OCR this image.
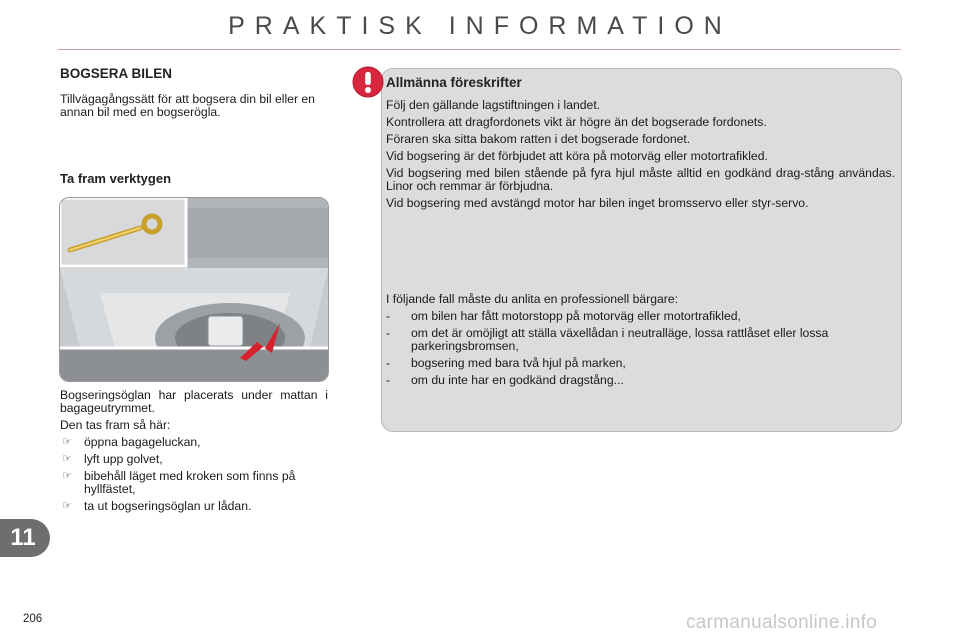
PRAKTISK INFORMATION
BOGSERA BILEN
Tillvägagångssätt för att bogsera din bil eller en annan bil med en bogserögla.
Ta fram verktygen

Bogseringsöglan har placerats under mattan i bagageutrymmet.

Den tas fram så här:

☞ öppna bagageluckan,
☞ lyft upp golvet,
☞ bibehåll läget med kroken som finns på hyllfästet,
☞ ta ut bogseringsöglan ur lådan.
Allmänna föreskrifter

Följ den gällande lagstiftningen i landet.

Kontrollera att dragfordonets vikt är högre än det bogserade fordonets.

Föraren ska sitta bakom ratten i det bogserade fordonet.

Vid bogsering är det förbjudet att köra på motorväg eller motortrafikled.

Vid bogsering med bilen stående på fyra hjul måste alltid en godkänd drag-stång användas. Linor och remmar är förbjudna.

Vid bogsering med avstängd motor har bilen inget bromsservo eller styr-servo.

I följande fall måste du anlita en professionell bärgare:

- om bilen har fått motorstopp på motorväg eller motortrafikled,
- om det är omöjligt att ställa växellådan i neutralläge, lossa rattlåset eller lossa parkeringsbromsen,
- bogsering med bara två hjul på marken,
- om du inte har en godkänd dragstång...
11
206	carmanualsonline.info
